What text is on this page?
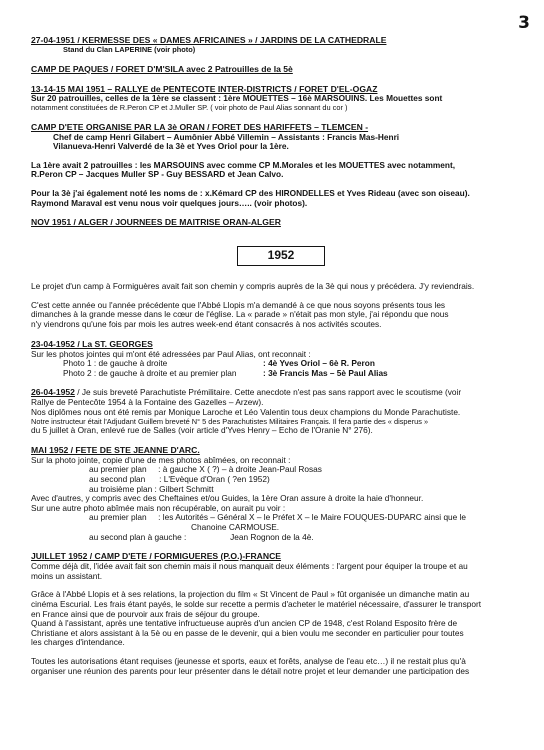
3
27-04-1951 / KERMESSE DES « DAMES AFRICAINES » / JARDINS DE LA CATHEDRALE

Stand du Clan LAPERINE (voir photo)

CAMP DE PAQUES / FORET D'M'SILA avec 2 Patrouilles de la 5è
13-14-15 MAI 1951 – RALLYE de PENTECOTE INTER-DISTRICTS / FORET D'EL-OGAZ

Sur 20 patrouilles, celles de la 1ère se classent : 1ère MOUETTES – 16è MARSOUINS. Les Mouettes sont

notamment constituées de R.Peron CP et J.Muller SP. ( voir photo de Paul Alias sonnant du cor )

CAMP D'ETE ORGANISE PAR LA 3è ORAN / FORET DES HARIFFETS – TLEMCEN -

Chef de camp Henri Gilabert – Aumônier Abbé Villemin – Assistants : Francis Mas-Henri

Vilanueva-Henri Valverdé de la 3è et Yves Oriol pour la 1ère.

La 1ère avait 2 patrouilles : les MARSOUINS avec comme CP M.Morales et les MOUETTES avec notamment,

R.Peron CP – Jacques Muller SP - Guy BESSARD et Jean Calvo.

Pour la 3è j'ai également noté les noms de : x.Kémard CP des HIRONDELLES et Yves Rideau (avec son oiseau).

Raymond Maraval est venu nous voir quelques jours….. (voir photos).

NOV 1951 / ALGER / JOURNEES DE MAITRISE ORAN-ALGER
1952

Le projet d'un camp à Formiguères avait fait son chemin y compris auprès de la 3è qui nous y précédera. J'y reviendrais.

C'est cette année ou l'année précédente que l'Abbé Llopis m'a demandé à ce que nous soyons présents tous les

dimanches à la grande messe dans le cœur de l'église. La « parade » n'était pas mon style, j'ai répondu que nous

n'y viendrons qu'une fois par mois les autres week-end étant consacrés à nos activités scoutes.

23-04-1952 / La ST. GEORGES

Sur les photos jointes qui m'ont été adressées par Paul Alias, ont reconnait :

Photo 1 : de gauche à droite	: 4è Yves Oriol – 6è R. Peron
Photo 2 : de gauche à droite et au premier plan	: 3è Francis Mas – 5è Paul Alias

26-04-1952 / Je suis breveté Parachutiste Prémilitaire. Cette anecdote n'est pas sans rapport avec le scoutisme (voir

Rallye de Pentecôte 1954 à la Fontaine des Gazelles – Arzew).

Nos diplômes nous ont été remis par Monique Laroche et Léo Valentin tous deux champions du Monde Parachutiste.

Notre instructeur était l'Adjudant Guillem breveté N° 5 des Parachutistes Militaires Français. Il fera partie des « disperus »

du 5 juillet à Oran, enlevé rue de Salles (voir article d'Yves Henry – Echo de l'Oranie N° 276).

MAI 1952 / FETE DE STE JEANNE D'ARC.

Sur la photo jointe, copie d'une de mes photos abîmées, on reconnait :

au premier plan     : à gauche X ( ?) – à droite Jean-Paul Rosas

au second plan      : L'Evèque d'Oran ( ?en 1952)

au troisième plan : Gilbert Schmitt

Avec d'autres, y compris avec des Cheftaines et/ou Guides, la 1ère Oran assure à droite la haie d'honneur.

Sur une autre photo abîmée mais non récupérable, on aurait pu voir :

au premier plan     : les Autorités – Général X – le Préfet X – le Maire FOUQUES-DUPARC ainsi que le

Chanoine CARMOUSE.

au second plan à gauche :                   Jean Rognon de la 4è.

JUILLET 1952 / CAMP D'ETE / FORMIGUERES (P.O.)-FRANCE

Comme déjà dit, l'idée avait fait son chemin mais il nous manquait deux éléments : l'argent pour équiper la troupe et au

moins un assistant.

Grâce à l'Abbé Llopis et à ses relations, la projection du film « St Vincent de Paul » fût organisée un dimanche matin au

cinéma Escurial. Les frais étant payés, le solde sur recette a permis d'acheter le matériel nécessaire, d'assurer le transport

en France ainsi que de pourvoir aux frais de séjour du groupe.

Quand à l'assistant, après une tentative infructueuse auprès d'un ancien CP de 1948, c'est Roland Esposito frère de

Christiane et alors assistant à la 5è ou en passe de le devenir, qui a bien voulu me seconder en particulier pour toutes

les charges d'intendance.

Toutes les autorisations étant requises (jeunesse et sports, eaux et forêts, analyse de l'eau etc…) il ne restait plus qu'à

organiser une réunion des parents pour leur présenter dans le détail notre projet et leur demander une participation des
